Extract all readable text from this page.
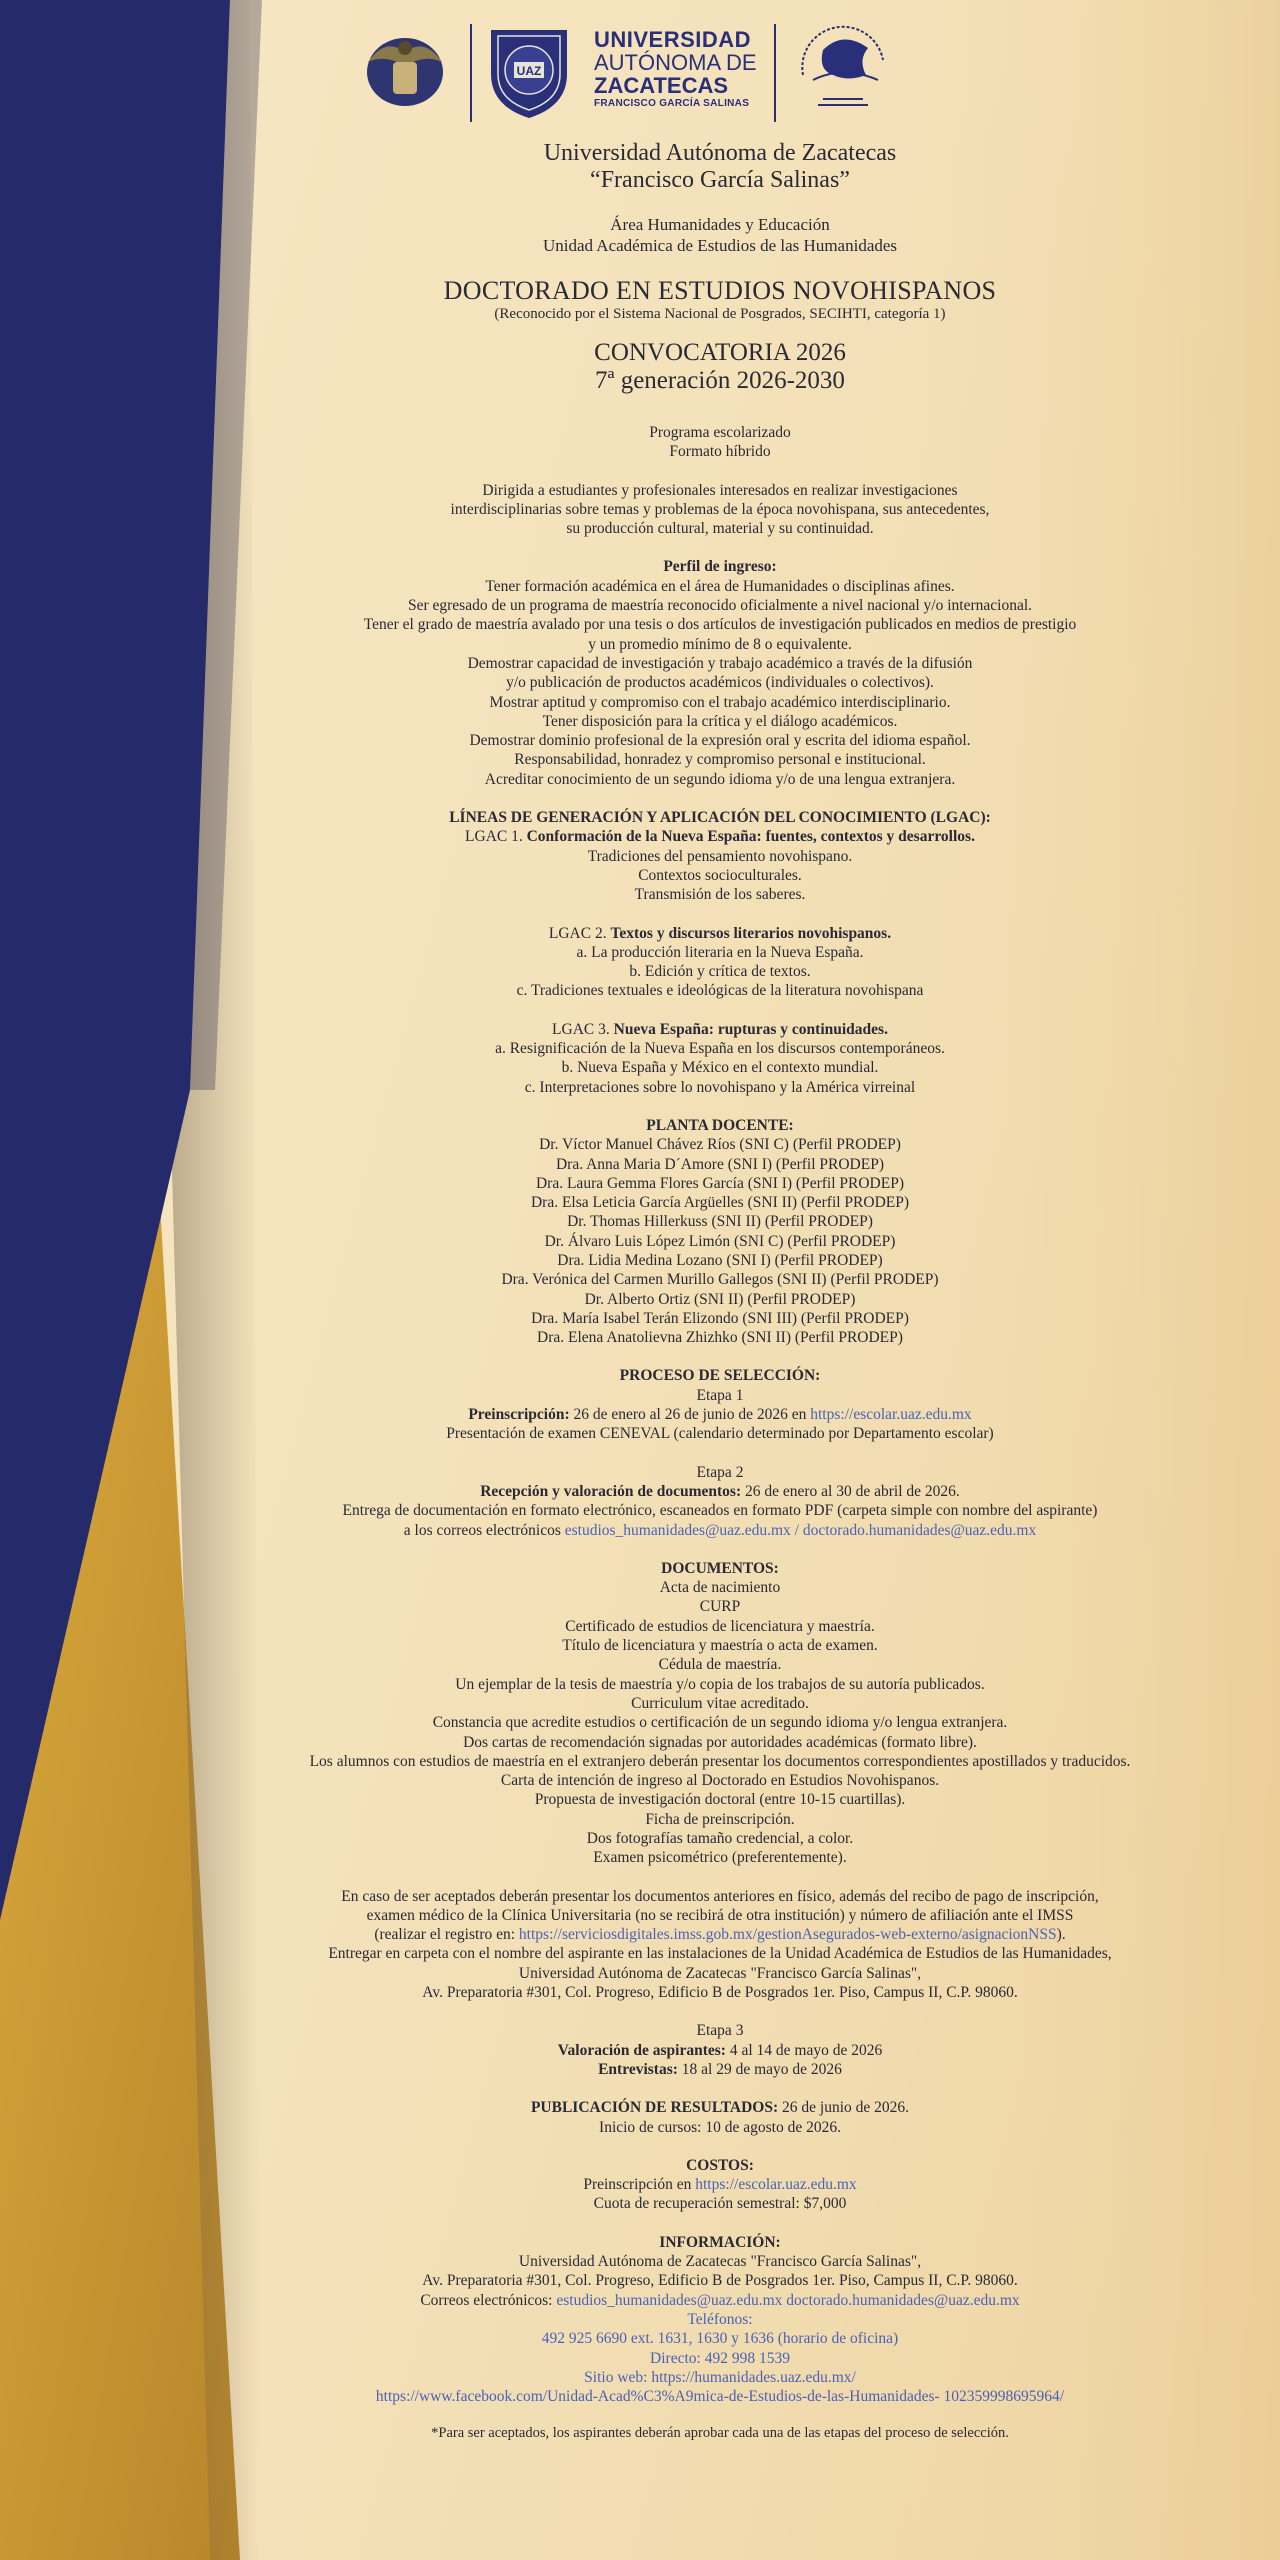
UAZ
UNIVERSIDAD
AUTÓNOMA DE
ZACATECAS
FRANCISCO GARCÍA SALINAS
Universidad Autónoma de Zacatecas
“Francisco García Salinas”
Área Humanidades y Educación
Unidad Académica de Estudios de las Humanidades
DOCTORADO EN ESTUDIOS NOVOHISPANOS
(Reconocido por el Sistema Nacional de Posgrados, SECIHTI, categoría 1)
CONVOCATORIA 2026
7ª generación 2026-2030
Programa escolarizado
Formato híbrido
Dirigida a estudiantes y profesionales interesados en realizar investigaciones
interdisciplinarias sobre temas y problemas de la época novohispana, sus antecedentes,
su producción cultural, material y su continuidad.
Perfil de ingreso:
Tener formación académica en el área de Humanidades o disciplinas afines.
Ser egresado de un programa de maestría reconocido oficialmente a nivel nacional y/o internacional.
Tener el grado de maestría avalado por una tesis o dos artículos de investigación publicados en medios de prestigio
y un promedio mínimo de 8 o equivalente.
Demostrar capacidad de investigación y trabajo académico a través de la difusión
y/o publicación de productos académicos (individuales o colectivos).
Mostrar aptitud y compromiso con el trabajo académico interdisciplinario.
Tener disposición para la crítica y el diálogo académicos.
Demostrar dominio profesional de la expresión oral y escrita del idioma español.
Responsabilidad, honradez y compromiso personal e institucional.
Acreditar conocimiento de un segundo idioma y/o de una lengua extranjera.
LÍNEAS DE GENERACIÓN Y APLICACIÓN DEL CONOCIMIENTO (LGAC):
LGAC 1. Conformación de la Nueva España: fuentes, contextos y desarrollos.
Tradiciones del pensamiento novohispano.
Contextos socioculturales.
Transmisión de los saberes.
LGAC 2. Textos y discursos literarios novohispanos.
a. La producción literaria en la Nueva España.
b. Edición y crítica de textos.
c. Tradiciones textuales e ideológicas de la literatura novohispana
LGAC 3. Nueva España: rupturas y continuidades.
a. Resignificación de la Nueva España en los discursos contemporáneos.
b. Nueva España y México en el contexto mundial.
c. Interpretaciones sobre lo novohispano y la América virreinal
PLANTA DOCENTE:
Dr. Víctor Manuel Chávez Ríos (SNI C) (Perfil PRODEP)
Dra. Anna Maria D´Amore (SNI I) (Perfil PRODEP)
Dra. Laura Gemma Flores García (SNI I) (Perfil PRODEP)
Dra. Elsa Leticia García Argüelles (SNI II) (Perfil PRODEP)
Dr. Thomas Hillerkuss (SNI II) (Perfil PRODEP)
Dr. Álvaro Luis López Limón (SNI C) (Perfil PRODEP)
Dra. Lidia Medina Lozano (SNI I) (Perfil PRODEP)
Dra. Verónica del Carmen Murillo Gallegos (SNI II) (Perfil PRODEP)
Dr. Alberto Ortiz (SNI II) (Perfil PRODEP)
Dra. María Isabel Terán Elizondo (SNI III) (Perfil PRODEP)
Dra. Elena Anatolievna Zhizhko (SNI II) (Perfil PRODEP)
PROCESO DE SELECCIÓN:
Etapa 1
Preinscripción: 26 de enero al 26 de junio de 2026 en https://escolar.uaz.edu.mx
Presentación de examen CENEVAL (calendario determinado por Departamento escolar)
Etapa 2
Recepción y valoración de documentos: 26 de enero al 30 de abril de 2026.
Entrega de documentación en formato electrónico, escaneados en formato PDF (carpeta simple con nombre del aspirante)
a los correos electrónicos estudios_humanidades@uaz.edu.mx / doctorado.humanidades@uaz.edu.mx
DOCUMENTOS:
Acta de nacimiento
CURP
Certificado de estudios de licenciatura y maestría.
Título de licenciatura y maestría o acta de examen.
Cédula de maestría.
Un ejemplar de la tesis de maestría y/o copia de los trabajos de su autoría publicados.
Curriculum vitae acreditado.
Constancia que acredite estudios o certificación de un segundo idioma y/o lengua extranjera.
Dos cartas de recomendación signadas por autoridades académicas (formato libre).
Los alumnos con estudios de maestría en el extranjero deberán presentar los documentos correspondientes apostillados y traducidos.
Carta de intención de ingreso al Doctorado en Estudios Novohispanos.
Propuesta de investigación doctoral (entre 10-15 cuartillas).
Ficha de preinscripción.
Dos fotografías tamaño credencial, a color.
Examen psicométrico (preferentemente).
En caso de ser aceptados deberán presentar los documentos anteriores en físico, además del recibo de pago de inscripción,
examen médico de la Clínica Universitaria (no se recibirá de otra institución) y número de afiliación ante el IMSS
(realizar el registro en: https://serviciosdigitales.imss.gob.mx/gestionAsegurados-web-externo/asignacionNSS).
Entregar en carpeta con el nombre del aspirante en las instalaciones de la Unidad Académica de Estudios de las Humanidades,
Universidad Autónoma de Zacatecas "Francisco García Salinas",
Av. Preparatoria #301, Col. Progreso, Edificio B de Posgrados 1er. Piso, Campus II, C.P. 98060.
Etapa 3
Valoración de aspirantes: 4 al 14 de mayo de 2026
Entrevistas: 18 al 29 de mayo de 2026
PUBLICACIÓN DE RESULTADOS: 26 de junio de 2026.
Inicio de cursos: 10 de agosto de 2026.
COSTOS:
Preinscripción en https://escolar.uaz.edu.mx
Cuota de recuperación semestral: $7,000
INFORMACIÓN:
Universidad Autónoma de Zacatecas "Francisco García Salinas",
Av. Preparatoria #301, Col. Progreso, Edificio B de Posgrados 1er. Piso, Campus II, C.P. 98060.
Correos electrónicos: estudios_humanidades@uaz.edu.mx doctorado.humanidades@uaz.edu.mx
Teléfonos:
492 925 6690 ext. 1631, 1630 y 1636 (horario de oficina)
Directo: 492 998 1539
Sitio web: https://humanidades.uaz.edu.mx/
https://www.facebook.com/Unidad-Acad%C3%A9mica-de-Estudios-de-las-Humanidades- 102359998695964/
*Para ser aceptados, los aspirantes deberán aprobar cada una de las etapas del proceso de selección.
